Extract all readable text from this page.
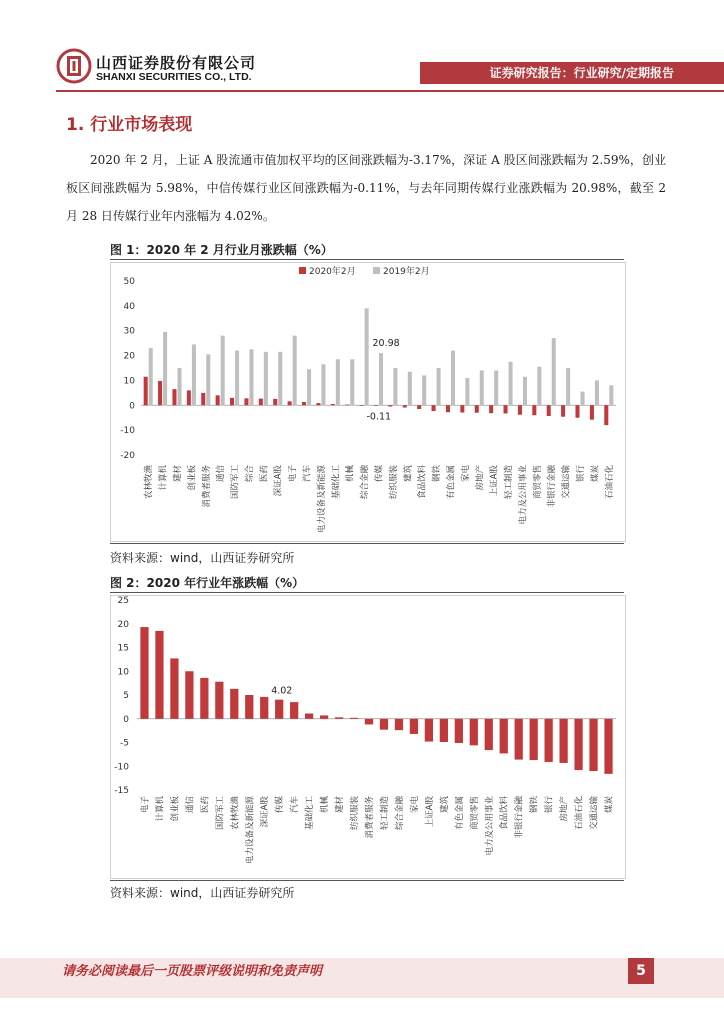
山西证券股份有限公司
SHANXI SECURITIES CO., LTD.	证券研究报告：行业研究/定期报告
1. 行业市场表现

2020 年 2 月，上证 A 股流通市值加权平均的区间涨跌幅为-3.17%，深证 A 股区间涨跌幅为 2.59%，创业板区间涨跌幅为 5.98%，中信传媒行业区间涨跌幅为-0.11%，与去年同期传媒行业涨跌幅为 20.98%，截至 2 月 28 日传媒行业年内涨幅为 4.02%。

图 1：2020 年 2 月行业月涨跌幅（%）
2020年2月	2019年2月
50
40
30
20
10
0
-10
-20
农林牧渔 计算机 建材 创业板 消费者服务 通信 国防军工 综合 医药 深证A股 电子 汽车 电力设备及新能源 基础化工 机械 综合金融 传媒 纺织服装 建筑 食品饮料 钢铁 有色金属 家电 房地产 上证A股 轻工制造 电力及公用事业 商贸零售 非银行金融 交通运输 银行 煤炭 石油石化
20.98
-0.11
资料来源：wind，山西证券研究所
图 2：2020 年行业年涨跌幅（%）
25
20
15
10
5
0
-5
-10
-15
电子 计算机 创业板 通信 医药 国防军工 农林牧渔 电力设备及新能源 深证A股 传媒 汽车 基础化工 机械 建材 纺织服装 消费者服务 轻工制造 综合金融 家电 上证A股 建筑 有色金属 商贸零售 电力及公用事业 食品饮料 非银行金融 钢铁 银行 房地产 石油石化 交通运输 煤炭
4.02
资料来源：wind，山西证券研究所
请务必阅读最后一页股票评级说明和免责声明	5
